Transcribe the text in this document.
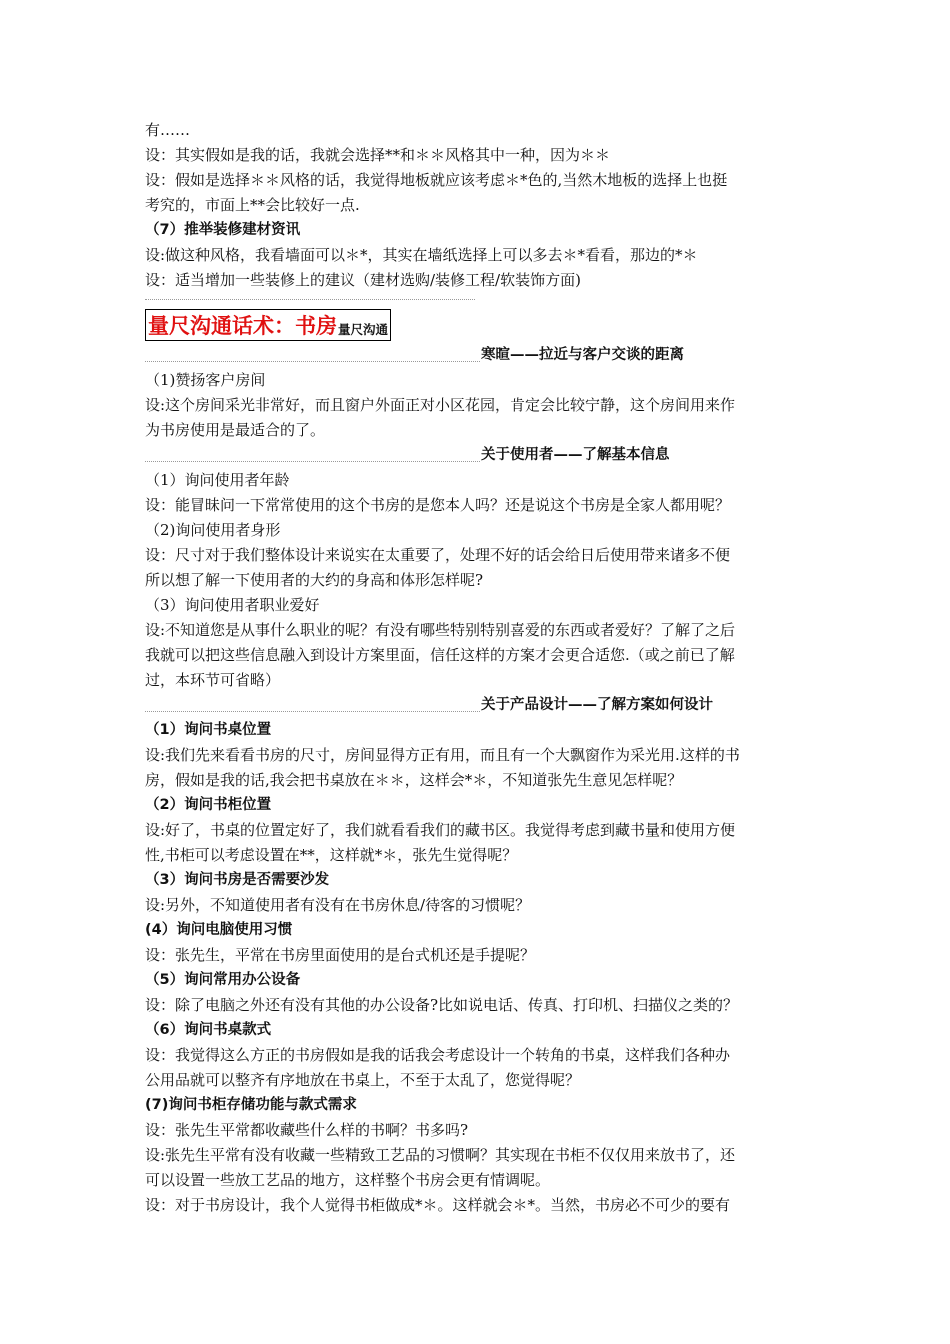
有……
设：其实假如是我的话，我就会选择**和＊＊风格其中一种，因为＊＊
设：假如是选择＊＊风格的话，我觉得地板就应该考虑＊*色的,当然木地板的选择上也挺
考究的，市面上**会比较好一点.
（7）推举装修建材资讯
设:做这种风格，我看墙面可以＊*，其实在墙纸选择上可以多去＊*看看，那边的*＊
设：适当增加一些装修上的建议（建材选购/装修工程/软装饰方面)
量尺沟通话术：书房 量尺沟通
寒暄——拉近与客户交谈的距离
（1)赞扬客户房间
设:这个房间采光非常好，而且窗户外面正对小区花园，肯定会比较宁静，这个房间用来作
为书房使用是最适合的了。
关于使用者——了解基本信息
（1）询问使用者年龄
设：能冒昧问一下常常使用的这个书房的是您本人吗？还是说这个书房是全家人都用呢？
（2)询问使用者身形
设：尺寸对于我们整体设计来说实在太重要了，处理不好的话会给日后使用带来诸多不便
所以想了解一下使用者的大约的身高和体形怎样呢?
（3）询问使用者职业爱好
设:不知道您是从事什么职业的呢？有没有哪些特别特别喜爱的东西或者爱好？了解了之后
我就可以把这些信息融入到设计方案里面，信任这样的方案才会更合适您.（或之前已了解
过，本环节可省略）
关于产品设计——了解方案如何设计
（1）询问书桌位置
设:我们先来看看书房的尺寸，房间显得方正有用，而且有一个大飘窗作为采光用.这样的书
房，假如是我的话,我会把书桌放在＊＊，这样会*＊，不知道张先生意见怎样呢？
（2）询问书柜位置
设:好了，书桌的位置定好了，我们就看看我们的藏书区。我觉得考虑到藏书量和使用方便
性,书柜可以考虑设置在**，这样就*＊，张先生觉得呢？
（3）询问书房是否需要沙发
设:另外，不知道使用者有没有在书房休息/待客的习惯呢？
(4）询问电脑使用习惯
设：张先生，平常在书房里面使用的是台式机还是手提呢？
（5）询问常用办公设备
设：除了电脑之外还有没有其他的办公设备?比如说电话、传真、打印机、扫描仪之类的？
（6）询问书桌款式
设：我觉得这么方正的书房假如是我的话我会考虑设计一个转角的书桌，这样我们各种办
公用品就可以整齐有序地放在书桌上，不至于太乱了，您觉得呢？
(7)询问书柜存储功能与款式需求
设：张先生平常都收藏些什么样的书啊？书多吗?
设:张先生平常有没有收藏一些精致工艺品的习惯啊？其实现在书柜不仅仅用来放书了，还
可以设置一些放工艺品的地方，这样整个书房会更有情调呢。
设：对于书房设计，我个人觉得书柜做成*＊。这样就会＊*。当然，书房必不可少的要有
